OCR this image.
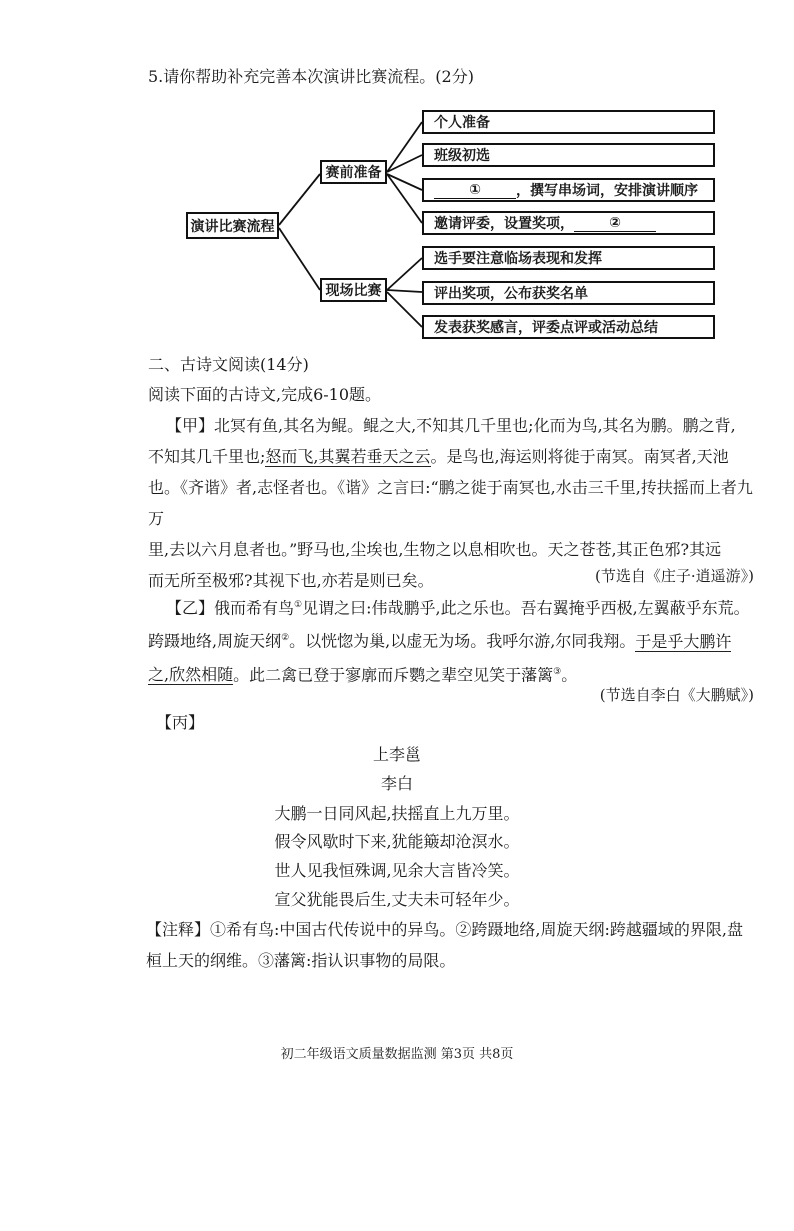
5.请你帮助补充完善本次演讲比赛流程。(2分)
演讲比赛流程
赛前准备
现场比赛
个人准备
班级初选
①	，撰写串场词，安排演讲顺序
邀请评委，设置奖项，	②
选手要注意临场表现和发挥
评出奖项，公布获奖名单
发表获奖感言，评委点评或活动总结
二、古诗文阅读(14分)
阅读下面的古诗文,完成6-10题。

【甲】北冥有鱼,其名为鲲。鲲之大,不知其几千里也;化而为鸟,其名为鹏。鹏之背,

不知其几千里也;怒而飞,其翼若垂天之云。是鸟也,海运则将徙于南冥。南冥者,天池

也。《齐谐》者,志怪者也。《谐》之言曰:“鹏之徙于南冥也,水击三千里,抟扶摇而上者九万

里,去以六月息者也。”野马也,尘埃也,生物之以息相吹也。天之苍苍,其正色邪?其远

而无所至极邪?其视下也,亦若是则已矣。	(节选自《庄子·逍遥游》)

【乙】俄而希有鸟①见谓之曰:伟哉鹏乎,此之乐也。吾右翼掩乎西极,左翼蔽乎东荒。

跨蹑地络,周旋天纲②。以恍惚为巢,以虚无为场。我呼尔游,尔同我翔。于是乎大鹏许

之,欣然相随。此二禽已登于寥廓而斥鹦之辈空见笑于藩篱③。

(节选自李白《大鹏赋》)
【丙】
上李邕
李白
大鹏一日同风起,扶摇直上九万里。
假令风歇时下来,犹能簸却沧溟水。
世人见我恒殊调,见余大言皆冷笑。
宣父犹能畏后生,丈夫未可轻年少。

【注释】①希有鸟:中国古代传说中的异鸟。②跨蹑地络,周旋天纲:跨越疆域的界限,盘

桓上天的纲维。③藩篱:指认识事物的局限。

初二年级语文质量数据监测 第3页 共8页
